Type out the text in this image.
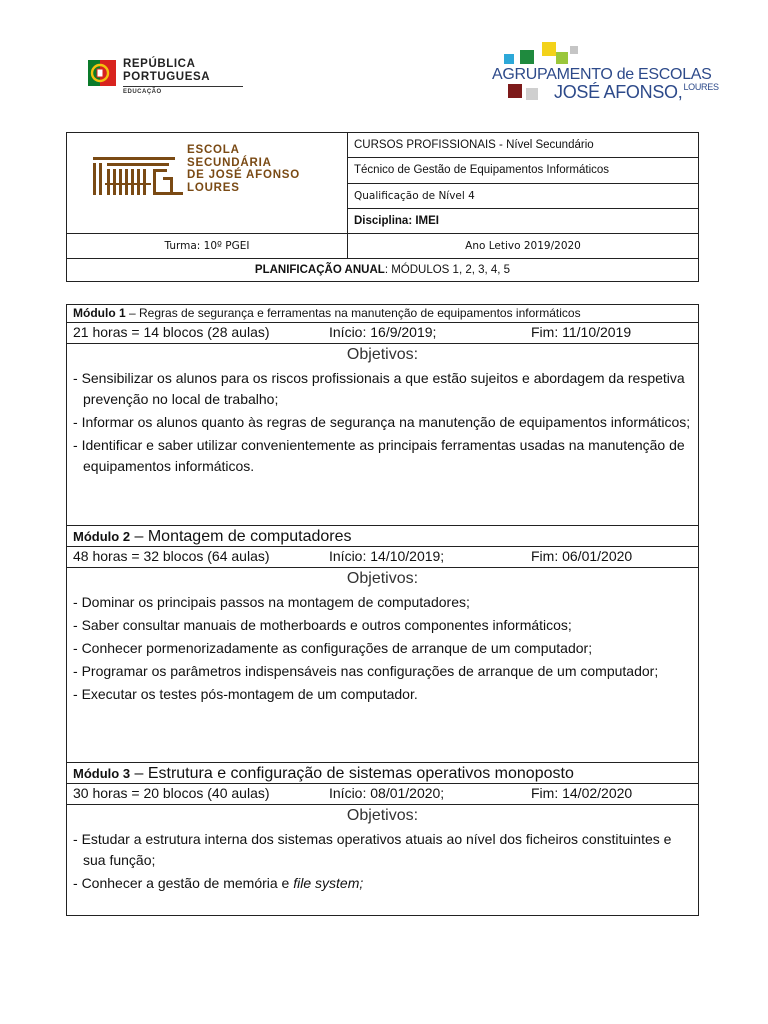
REPÚBLICA
PORTUGUESA
EDUCAÇÃO
AGRUPAMENTO de ESCOLAS
JOSÉ AFONSO,$^{LOURES}$
ESCOLA
SECUNDÁRIA
DE JOSÉ AFONSO
LOURES	CURSOS PROFISSIONAIS - Nível Secundário
	Técnico de Gestão de Equipamentos Informáticos
	Qualificação de Nível 4
	Disciplina: IMEI
Turma: 10º PGEI	Ano Letivo 2019/2020
PLANIFICAÇÃO ANUAL: MÓDULOS 1, 2, 3, 4, 5	
Módulo 1 – Regras de segurança e ferramentas na manutenção de equipamentos informáticos
21 horas = 14 blocos (28 aulas)	Início: 16/9/2019;	Fim: 11/10/2019
Objetivos:
- Sensibilizar os alunos para os riscos profissionais a que estão sujeitos e abordagem da respetiva prevenção no local de trabalho;
- Informar os alunos quanto às regras de segurança na manutenção de equipamentos informáticos;
- Identificar e saber utilizar convenientemente as principais ferramentas usadas na manutenção de equipamentos informáticos.
Módulo 2 – Montagem de computadores
48 horas = 32 blocos (64 aulas)	Início: 14/10/2019;	Fim: 06/01/2020
Objetivos:
- Dominar os principais passos na montagem de computadores;
- Saber consultar manuais de motherboards e outros componentes informáticos;
- Conhecer pormenorizadamente as configurações de arranque de um computador;
- Programar os parâmetros indispensáveis nas configurações de arranque de um computador;
- Executar os testes pós-montagem de um computador.
Módulo 3 – Estrutura e configuração de sistemas operativos monoposto
30 horas = 20 blocos (40 aulas)	Início: 08/01/2020;	Fim: 14/02/2020
Objetivos:
- Estudar a estrutura interna dos sistemas operativos atuais ao nível dos ficheiros constituintes e sua função;
- Conhecer a gestão de memória e file system;
